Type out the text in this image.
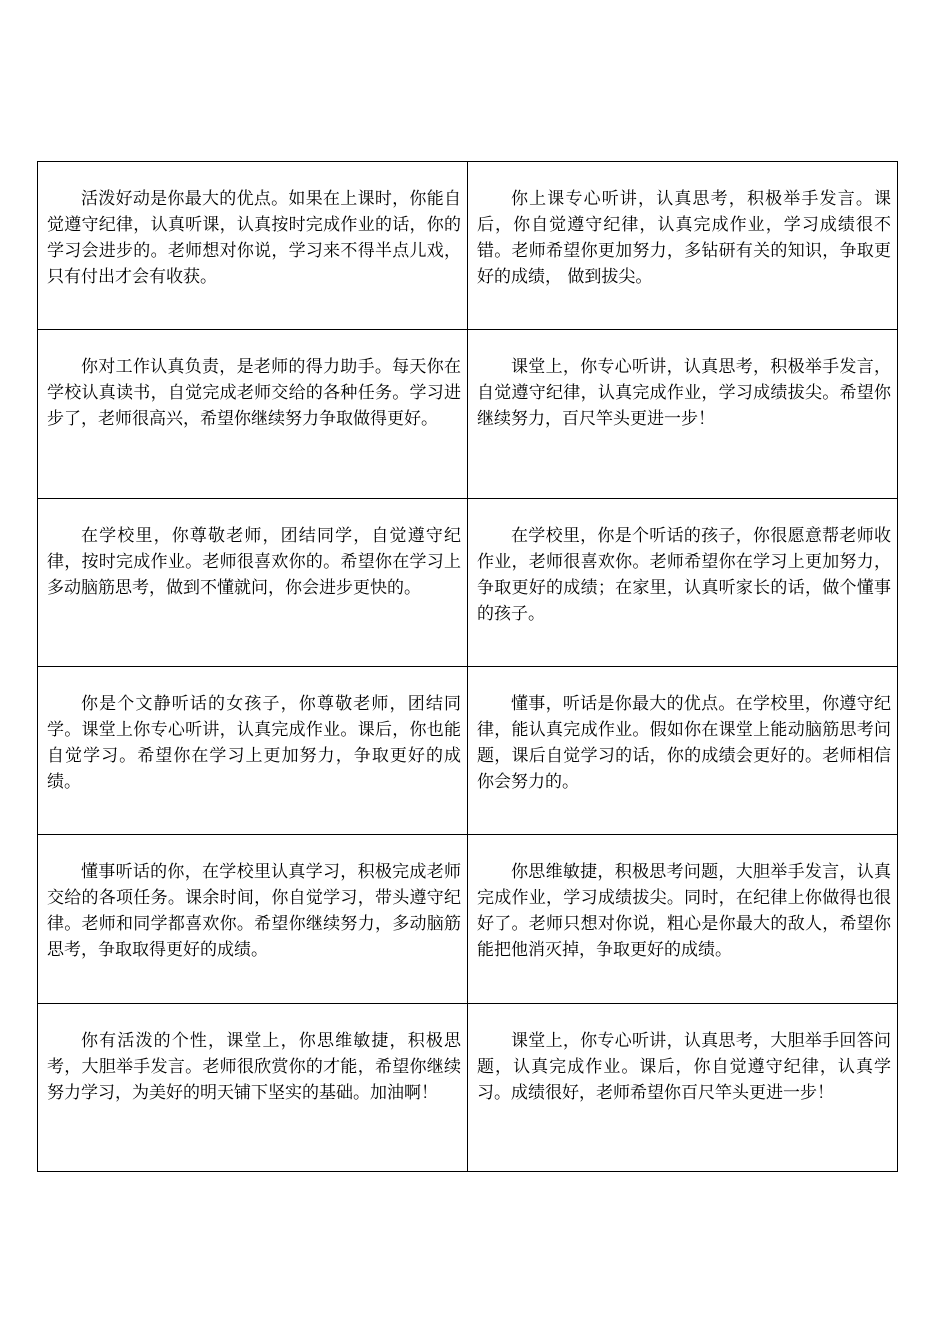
活泼好动是你最大的优点。如果在上课时，你能自觉遵守纪律，认真听课，认真按时完成作业的话，你的学习会进步的。老师想对你说，学习来不得半点儿戏，只有付出才会有收获。	你上课专心听讲，认真思考，积极举手发言。课后，你自觉遵守纪律，认真完成作业，学习成绩很不错。老师希望你更加努力，多钻研有关的知识，争取更好的成绩， 做到拔尖。

你对工作认真负责，是老师的得力助手。每天你在学校认真读书，自觉完成老师交给的各种任务。学习进步了，老师很高兴，希望你继续努力争取做得更好。	课堂上，你专心听讲，认真思考，积极举手发言，自觉遵守纪律，认真完成作业，学习成绩拔尖。希望你继续努力，百尺竿头更进一步！

在学校里，你尊敬老师，团结同学，自觉遵守纪律，按时完成作业。老师很喜欢你的。希望你在学习上多动脑筋思考，做到不懂就问，你会进步更快的。	在学校里，你是个听话的孩子，你很愿意帮老师收作业，老师很喜欢你。老师希望你在学习上更加努力，争取更好的成绩；在家里，认真听家长的话，做个懂事的孩子。

你是个文静听话的女孩子，你尊敬老师，团结同学。课堂上你专心听讲，认真完成作业。课后，你也能自觉学习。希望你在学习上更加努力，争取更好的成绩。	懂事，听话是你最大的优点。在学校里，你遵守纪律，能认真完成作业。假如你在课堂上能动脑筋思考问题，课后自觉学习的话，你的成绩会更好的。老师相信你会努力的。

懂事听话的你，在学校里认真学习，积极完成老师交给的各项任务。课余时间，你自觉学习，带头遵守纪律。老师和同学都喜欢你。希望你继续努力，多动脑筋思考，争取取得更好的成绩。	你思维敏捷，积极思考问题，大胆举手发言，认真完成作业，学习成绩拔尖。同时，在纪律上你做得也很好了。老师只想对你说，粗心是你最大的敌人，希望你能把他消灭掉，争取更好的成绩。

你有活泼的个性，课堂上，你思维敏捷，积极思考，大胆举手发言。老师很欣赏你的才能，希望你继续努力学习，为美好的明天铺下坚实的基础。加油啊！	课堂上，你专心听讲，认真思考，大胆举手回答问题，认真完成作业。课后，你自觉遵守纪律，认真学习。成绩很好，老师希望你百尺竿头更进一步！
